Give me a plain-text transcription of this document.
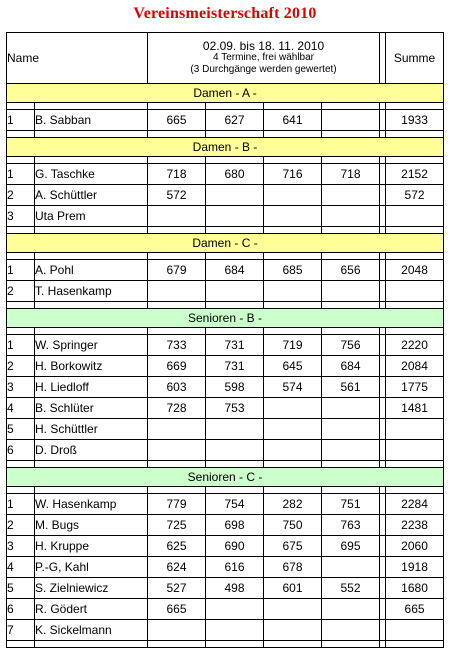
Vereinsmeisterschaft 2010
Name		02.09. bis 18. 11. 2010
4 Termine, frei wählbar
(3 Durchgänge werden gewertet)					Summe
Damen - A -							

1	B. Sabban	665	627	641			1933

Damen - B -							

1	G. Taschke	718	680	716	718		2152
2	A. Schüttler	572					572
3	Uta Prem						

Damen - C -							

1	A. Pohl	679	684	685	656		2048
2	T. Hasenkamp						

Senioren - B -							

1	W. Springer	733	731	719	756		2220
2	H. Borkowitz	669	731	645	684		2084
3	H. Liedloff	603	598	574	561		1775
4	B. Schlüter	728	753				1481
5	H. Schüttler						
6	D. Droß						

Senioren - C -							

1	W. Hasenkamp	779	754	282	751		2284
2	M. Bugs	725	698	750	763		2238
3	H. Kruppe	625	690	675	695		2060
4	P.-G, Kahl	624	616	678			1918
5	S. Zielniewicz	527	498	601	552		1680
6	R. Gödert	665					665
7	K. Sickelmann						
